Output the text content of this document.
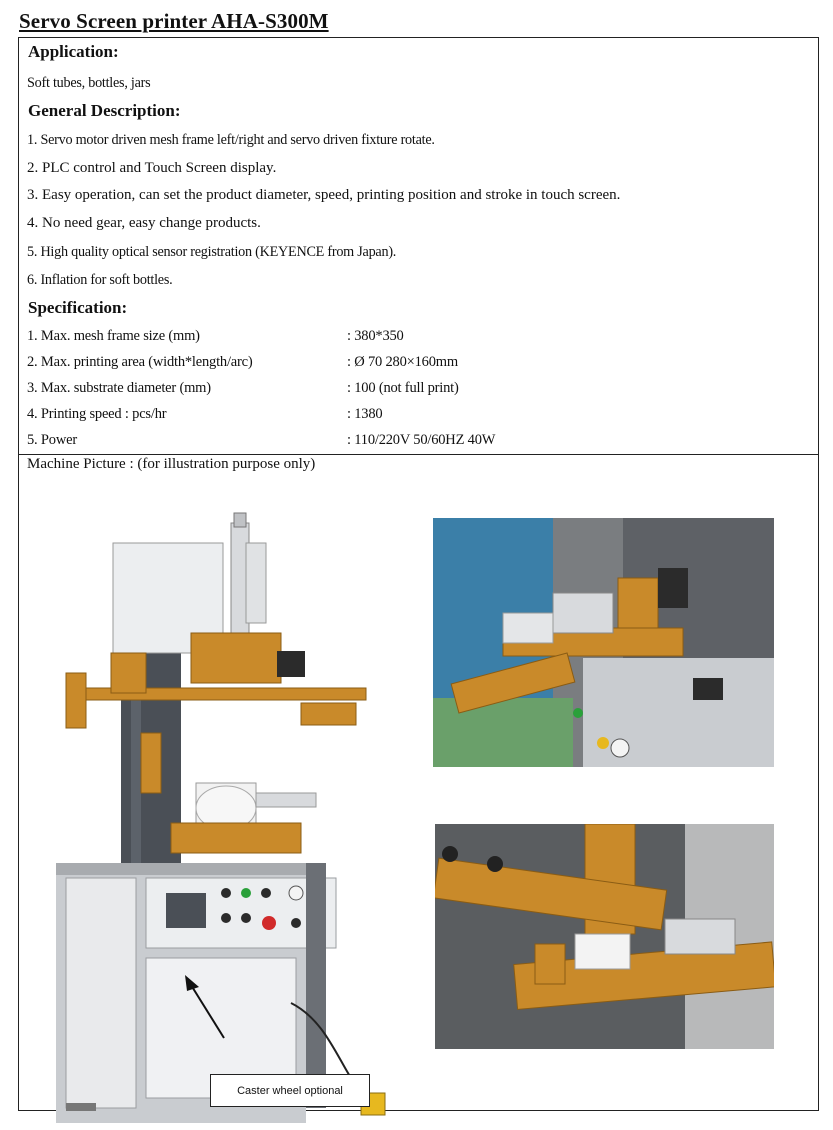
Servo Screen printer AHA-S300M
Application:
Soft tubes, bottles, jars
General Description:
1. Servo motor driven mesh frame left/right and servo driven fixture rotate.
2. PLC control and Touch Screen display.
3. Easy operation, can set the product diameter, speed, printing position and stroke in touch screen.
4. No need gear, easy change products.
5. High quality optical sensor registration (KEYENCE from Japan).
6. Inflation for soft bottles.
Specification:
1. Max. mesh frame size (mm)	: 380*350
2. Max. printing area (width*length/arc)	: Ø 70 280×160mm
3. Max. substrate diameter (mm)	: 100 (not full print)
4. Printing speed : pcs/hr	: 1380
5. Power	: 110/220V 50/60HZ 40W
Machine Picture : (for illustration purpose only)
Caster wheel optional
